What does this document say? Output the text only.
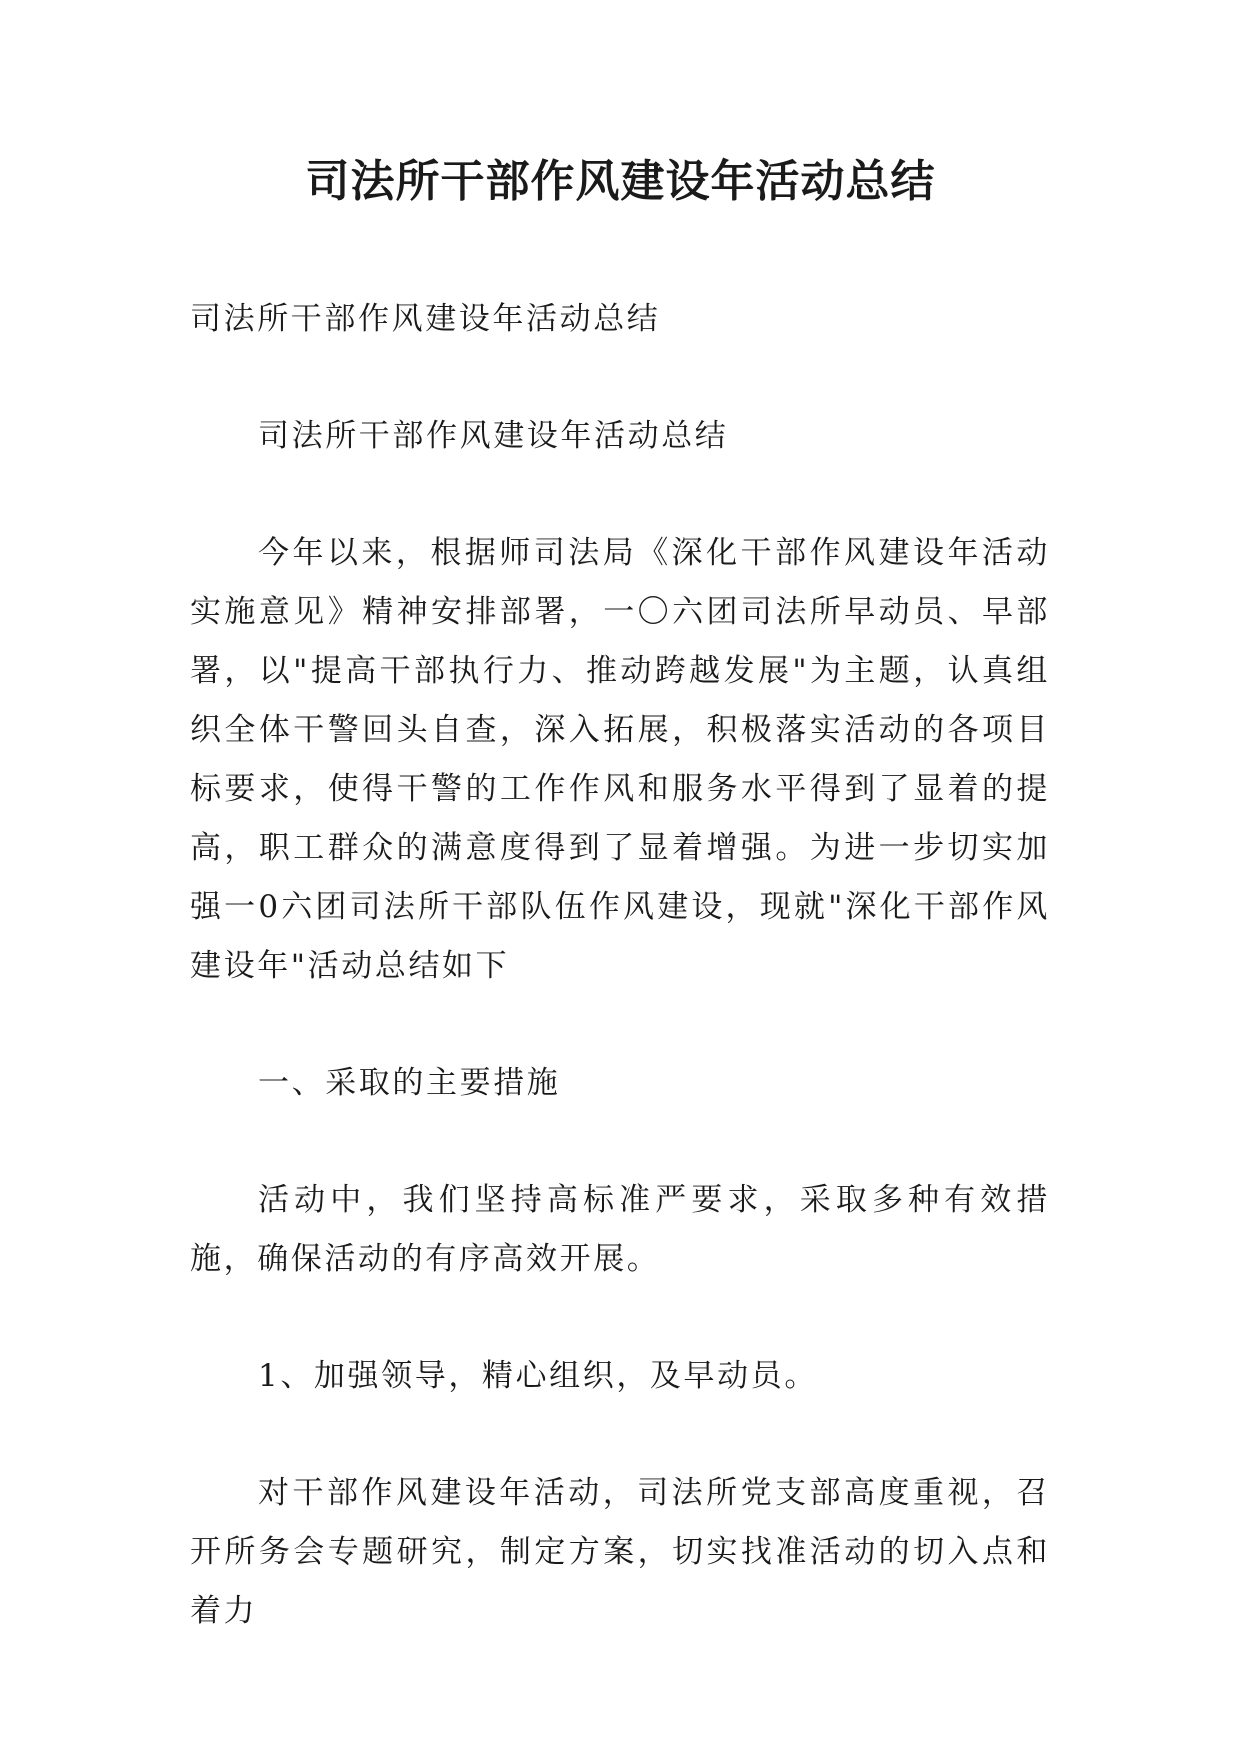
司法所干部作风建设年活动总结

司法所干部作风建设年活动总结

司法所干部作风建设年活动总结

今年以来，根据师司法局《深化干部作风建设年活动实施意见》精神安排部署，一〇六团司法所早动员、早部署，以"提高干部执行力、推动跨越发展"为主题，认真组织全体干警回头自查，深入拓展，积极落实活动的各项目标要求，使得干警的工作作风和服务水平得到了显着的提高，职工群众的满意度得到了显着增强。为进一步切实加强一0六团司法所干部队伍作风建设，现就"深化干部作风建设年"活动总结如下

一、采取的主要措施

活动中，我们坚持高标准严要求，采取多种有效措施，确保活动的有序高效开展。

1、加强领导，精心组织，及早动员。

对干部作风建设年活动，司法所党支部高度重视，召开所务会专题研究，制定方案，切实找准活动的切入点和着力
